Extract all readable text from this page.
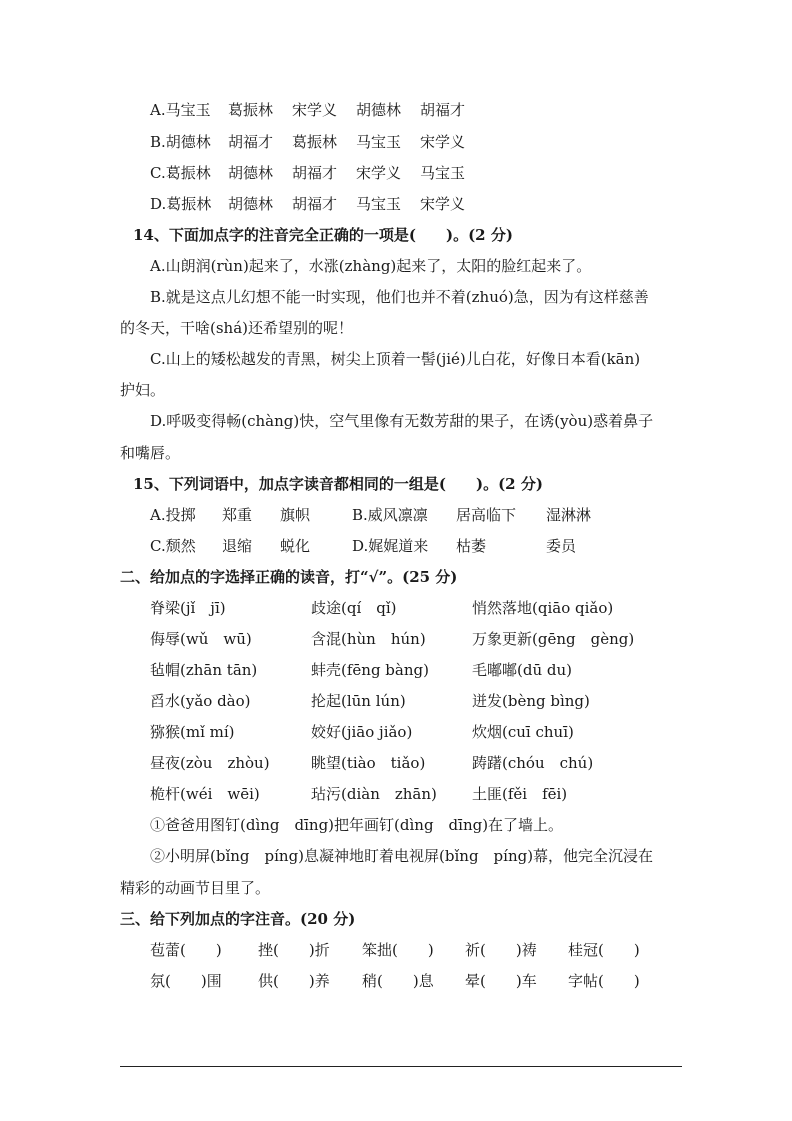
A.马宝玉 葛振林 宋学义 胡德林 胡福才
B.胡德林 胡福才 葛振林 马宝玉 宋学义
C.葛振林 胡德林 胡福才 宋学义 马宝玉
D.葛振林 胡德林 胡福才 马宝玉 宋学义
14、下面加点字的注音完全正确的一项是(　　)。(2 分)
A.山朗润(rùn)起来了，水涨(zhàng)起来了，太阳的脸红起来了。
B.就是这点儿幻想不能一时实现，他们也并不着(zhuó)急，因为有这样慈善
的冬天，干啥(shá)还希望别的呢！
C.山上的矮松越发的青黑，树尖上顶着一髻(jié)儿白花，好像日本看(kān)
护妇。
D.呼吸变得畅(chàng)快，空气里像有无数芳甜的果子，在诱(yòu)惑着鼻子
和嘴唇。
15、下列词语中，加点字读音都相同的一组是(　　)。(2 分)
A.投掷 郑重 旗帜	B.威风凛凛 居高临下 湿淋淋
C.颓然 退缩 蜕化	D.娓娓道来 枯萎	委员
二、给加点的字选择正确的读音，打“√”。(25 分)
脊梁(jǐ　jī)	歧途(qí　qǐ)	悄然落地(qiāo qiǎo)
侮辱(wǔ　wū)	含混(hùn　hún)	万象更新(gēng　gèng)
毡帽(zhān tān)	蚌壳(fēng bàng)	毛嘟嘟(dū du)
舀水(yǎo dào)	抡起(lūn lún)	迸发(bèng bìng)
猕猴(mǐ mí)	姣好(jiāo jiǎo)	炊烟(cuī chuī)
昼夜(zòu　zhòu)	眺望(tiào　tiǎo)	踌躇(chóu　chú)
桅杆(wéi　wēi)	玷污(diàn　zhān) 土匪(fěi　fēi)
①爸爸用图钉(dìng　dīng)把年画钉(dìng　dīng)在了墙上。
②小明屏(bǐng　píng)息凝神地盯着电视屏(bǐng　píng)幕，他完全沉浸在
精彩的动画节目里了。
三、给下列加点的字注音。(20 分)
苞蕾(　　) 挫(　　)折 笨拙(　　) 祈(　　)祷 桂冠(　　)
氛(　　)围 供(　　)养 稍(　　)息 晕(　　)车 字帖(　　)
